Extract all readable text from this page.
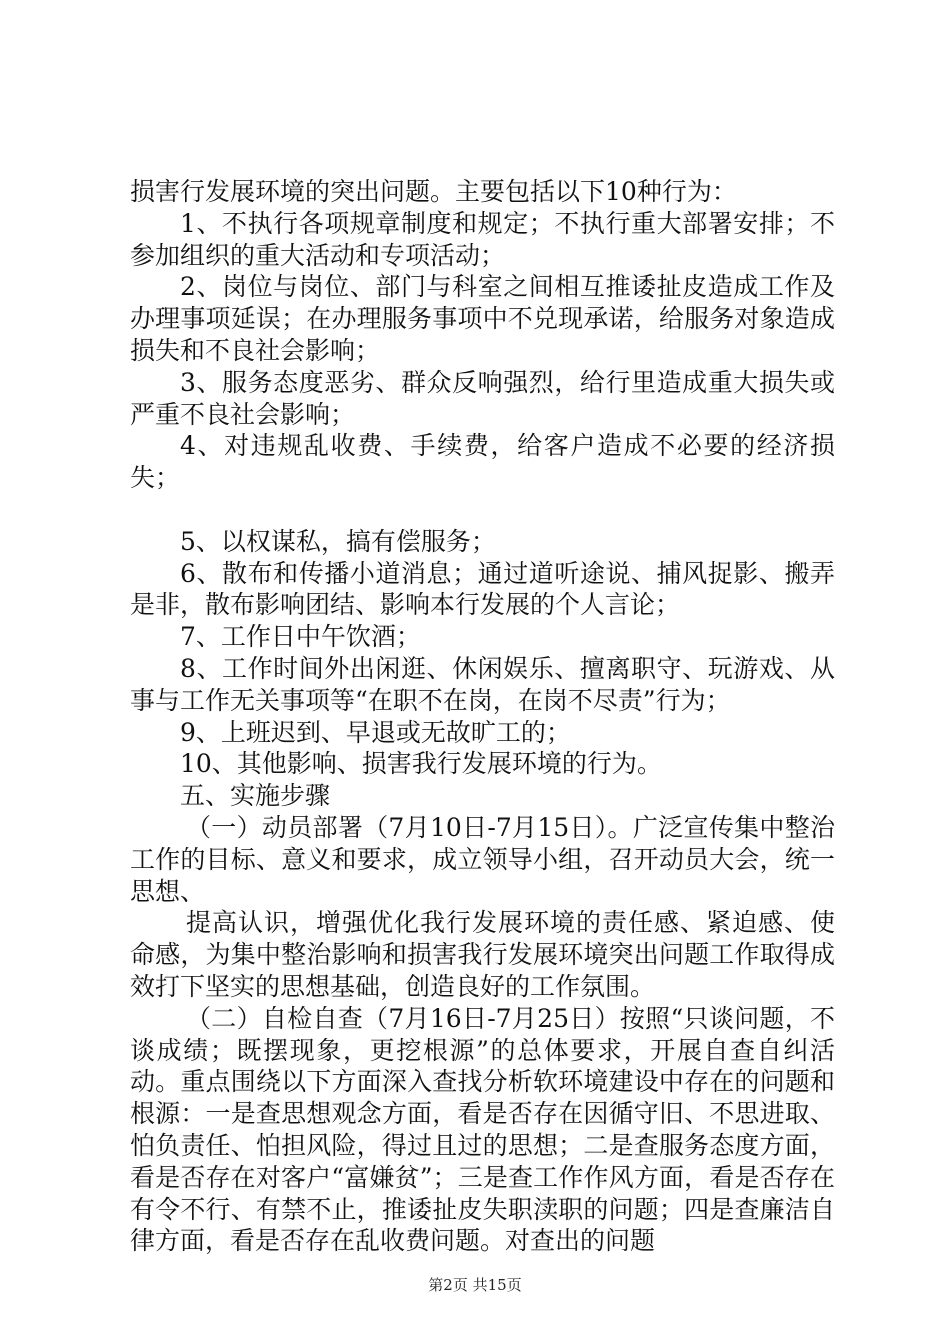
损害行发展环境的突出问题。主要包括以下10种行为：

1、不执行各项规章制度和规定；不执行重大部署安排；不参加组织的重大活动和专项活动；

2、岗位与岗位、部门与科室之间相互推诿扯皮造成工作及办理事项延误；在办理服务事项中不兑现承诺，给服务对象造成损失和不良社会影响；

3、服务态度恶劣、群众反响强烈，给行里造成重大损失或严重不良社会影响；

4、对违规乱收费、手续费，给客户造成不必要的经济损失；

5、以权谋私，搞有偿服务；

6、散布和传播小道消息；通过道听途说、捕风捉影、搬弄是非，散布影响团结、影响本行发展的个人言论；

7、工作日中午饮酒；

8、工作时间外出闲逛、休闲娱乐、擅离职守、玩游戏、从事与工作无关事项等“在职不在岗，在岗不尽责”行为；

9、上班迟到、早退或无故旷工的；

10、其他影响、损害我行发展环境的行为。

五、实施步骤

（一）动员部署（7月10日-7月15日）。广泛宣传集中整治工作的目标、意义和要求，成立领导小组，召开动员大会，统一思想、

提高认识，增强优化我行发展环境的责任感、紧迫感、使命感，为集中整治影响和损害我行发展环境突出问题工作取得成效打下坚实的思想基础，创造良好的工作氛围。

（二）自检自查（7月16日-7月25日）按照“只谈问题，不谈成绩；既摆现象，更挖根源”的总体要求，开展自查自纠活动。重点围绕以下方面深入查找分析软环境建设中存在的问题和根源：一是查思想观念方面，看是否存在因循守旧、不思进取、怕负责任、怕担风险，得过且过的思想；二是查服务态度方面，看是否存在对客户“富嫌贫”；三是查工作作风方面，看是否存在有令不行、有禁不止，推诿扯皮失职渎职的问题；四是查廉洁自律方面，看是否存在乱收费问题。对查出的问题

第2页 共15页
